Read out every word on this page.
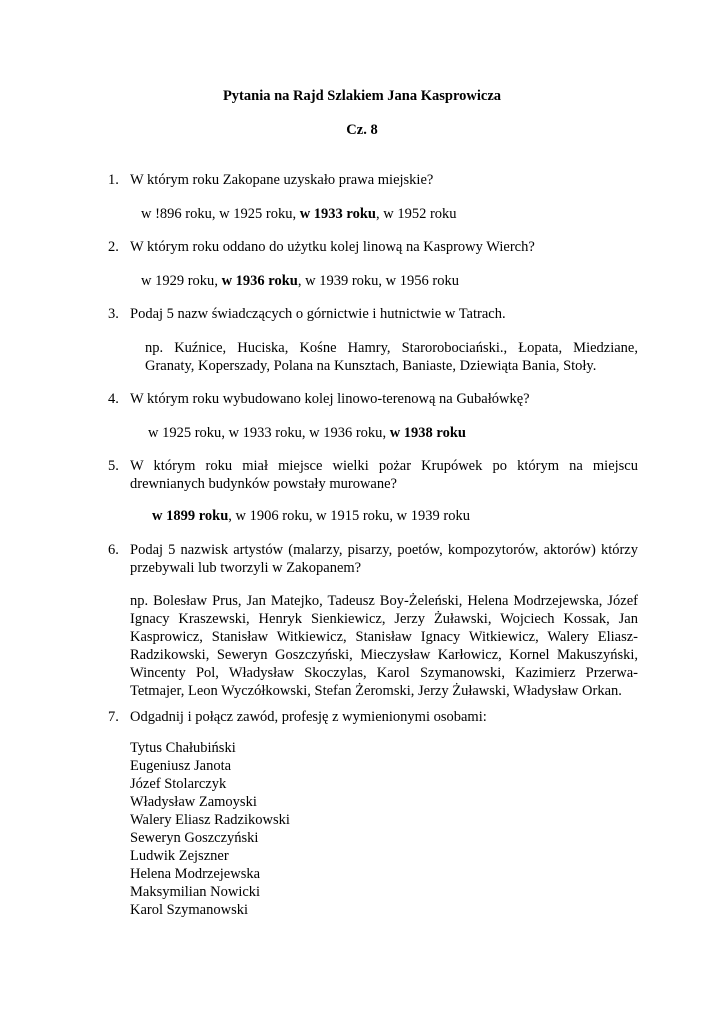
Pytania na Rajd Szlakiem Jana Kasprowicza
Cz. 8
1. W którym roku Zakopane uzyskało prawa miejskie?
w !896 roku, w 1925 roku, w 1933 roku, w 1952 roku
2. W którym roku oddano do użytku kolej linową na Kasprowy Wierch?
w 1929 roku, w 1936 roku, w 1939 roku, w 1956 roku
3. Podaj 5 nazw świadczących o górnictwie i hutnictwie w Tatrach.
np. Kuźnice, Huciska, Kośne Hamry, Starorobociański., Łopata, Miedziane, Granaty, Koperszady, Polana na Kunsztach, Baniaste, Dziewiąta Bania, Stoły.
4. W którym roku wybudowano kolej linowo-terenową na Gubałówkę?
w 1925 roku, w 1933 roku, w 1936 roku, w 1938 roku
5. W którym roku miał miejsce wielki pożar Krupówek po którym na miejscu drewnianych budynków powstały murowane?
w 1899 roku, w 1906 roku, w 1915 roku, w 1939 roku
6. Podaj 5 nazwisk artystów (malarzy, pisarzy, poetów, kompozytorów, aktorów) którzy przebywali lub tworzyli w Zakopanem?
np. Bolesław Prus, Jan Matejko, Tadeusz Boy-Żeleński, Helena Modrzejewska, Józef Ignacy Kraszewski, Henryk Sienkiewicz, Jerzy Żuławski, Wojciech Kossak, Jan Kasprowicz, Stanisław Witkiewicz, Stanisław Ignacy Witkiewicz, Walery Eliasz-Radzikowski, Seweryn Goszczyński, Mieczysław Karłowicz, Kornel Makuszyński, Wincenty Pol, Władysław Skoczylas, Karol Szymanowski, Kazimierz Przerwa-Tetmajer, Leon Wyczółkowski, Stefan Żeromski, Jerzy Żuławski, Władysław Orkan.
7. Odgadnij i połącz zawód, profesję z wymienionymi osobami:
Tytus Chałubiński
Eugeniusz Janota
Józef Stolarczyk
Władysław Zamoyski
Walery Eliasz Radzikowski
Seweryn Goszczyński
Ludwik Zejszner
Helena Modrzejewska
Maksymilian Nowicki
Karol Szymanowski
